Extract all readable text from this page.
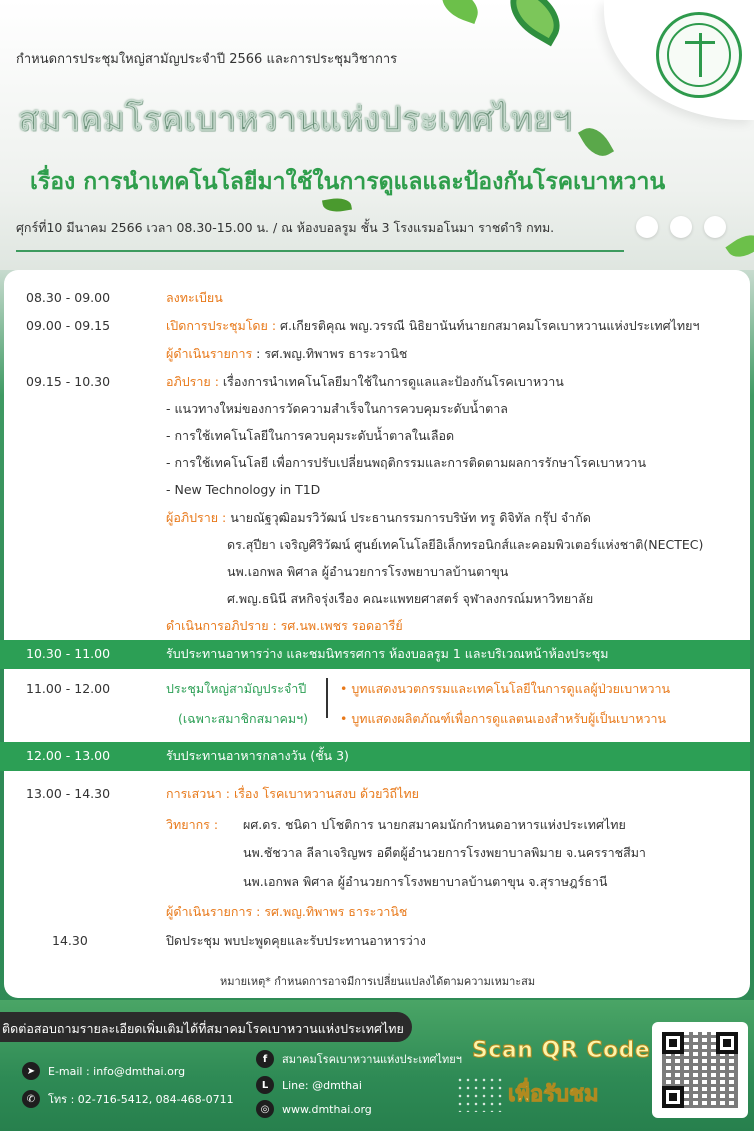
กำหนดการประชุมใหญ่สามัญประจำปี 2566 และการประชุมวิชาการ
สมาคมโรคเบาหวานแห่งประเทศไทยฯ
เรื่อง การนำเทคโนโลยีมาใช้ในการดูแลและป้องกันโรคเบาหวาน
ศุกร์ที่10 มีนาคม 2566 เวลา 08.30-15.00 น. / ณ ห้องบอลรูม ชั้น 3 โรงแรมอโนมา ราชดำริ กทม.
08.30 - 09.00	ลงทะเบียน
09.00 - 09.15	เปิดการประชุมโดย : ศ.เกียรติคุณ พญ.วรรณี นิธิยานันท์นายกสมาคมโรคเบาหวานแห่งประเทศไทยฯ
ผู้ดำเนินรายการ : รศ.พญ.ทิพาพร ธาระวานิช
09.15 - 10.30	อภิปราย : เรื่องการนำเทคโนโลยีมาใช้ในการดูแลและป้องกันโรคเบาหวาน
- แนวทางใหม่ของการวัดความสำเร็จในการควบคุมระดับน้ำตาล
- การใช้เทคโนโลยีในการควบคุมระดับน้ำตาลในเลือด
- การใช้เทคโนโลยี เพื่อการปรับเปลี่ยนพฤติกรรมและการติดตามผลการรักษาโรคเบาหวาน
- New Technology in T1D
ผู้อภิปราย : นายณัฐวุฒิอมรวิวัฒน์ ประธานกรรมการบริษัท ทรู ดิจิทัล กรุ๊ป จำกัด
ดร.สุปียา เจริญศิริวัฒน์ ศูนย์เทคโนโลยีอิเล็กทรอนิกส์และคอมพิวเตอร์แห่งชาติ(NECTEC)
นพ.เอกพล พิศาล ผู้อำนวยการโรงพยาบาลบ้านตาขุน
ศ.พญ.ธนินี สหกิจรุ่งเรือง คณะแพทยศาสตร์ จุฬาลงกรณ์มหาวิทยาลัย
ดำเนินการอภิปราย : รศ.นพ.เพชร รอดอารีย์
10.30 - 11.00	รับประทานอาหารว่าง และชมนิทรรศการ ห้องบอลรูม 1 และบริเวณหน้าห้องประชุม
11.00 - 12.00	ประชุมใหญ่สามัญประจำปี	• บูทแสดงนวตกรรมและเทคโนโลยีในการดูแลผู้ป่วยเบาหวาน
(เฉพาะสมาชิกสมาคมฯ)	• บูทแสดงผลิตภัณฑ์เพื่อการดูแลตนเองสำหรับผู้เป็นเบาหวาน
12.00 - 13.00	รับประทานอาหารกลางวัน (ชั้น 3)
13.00 - 14.30	การเสวนา : เรื่อง โรคเบาหวานสงบ ด้วยวิถีไทย
วิทยากร : ผศ.ดร. ชนิดา ปโชติการ นายกสมาคมนักกำหนดอาหารแห่งประเทศไทย
นพ.ชัชวาล ลีลาเจริญพร อดีตผู้อำนวยการโรงพยาบาลพิมาย จ.นครราชสีมา
นพ.เอกพล พิศาล ผู้อำนวยการโรงพยาบาลบ้านตาขุน จ.สุราษฎร์ธานี
ผู้ดำเนินรายการ : รศ.พญ.ทิพาพร ธาระวานิช
14.30	ปิดประชุม พบปะพูดคุยและรับประทานอาหารว่าง
หมายเหตุ* กำหนดการอาจมีการเปลี่ยนแปลงได้ตามความเหมาะสม
ติดต่อสอบถามรายละเอียดเพิ่มเติมได้ที่สมาคมโรคเบาหวานแห่งประเทศไทย
➤	E-mail : info@dmthai.org
✆	โทร : 02-716-5412, 084-468-0711
f	สมาคมโรคเบาหวานแห่งประเทศไทยฯ
L	Line: @dmthai
◎	www.dmthai.org
Scan QR Code
เพื่อรับชม
